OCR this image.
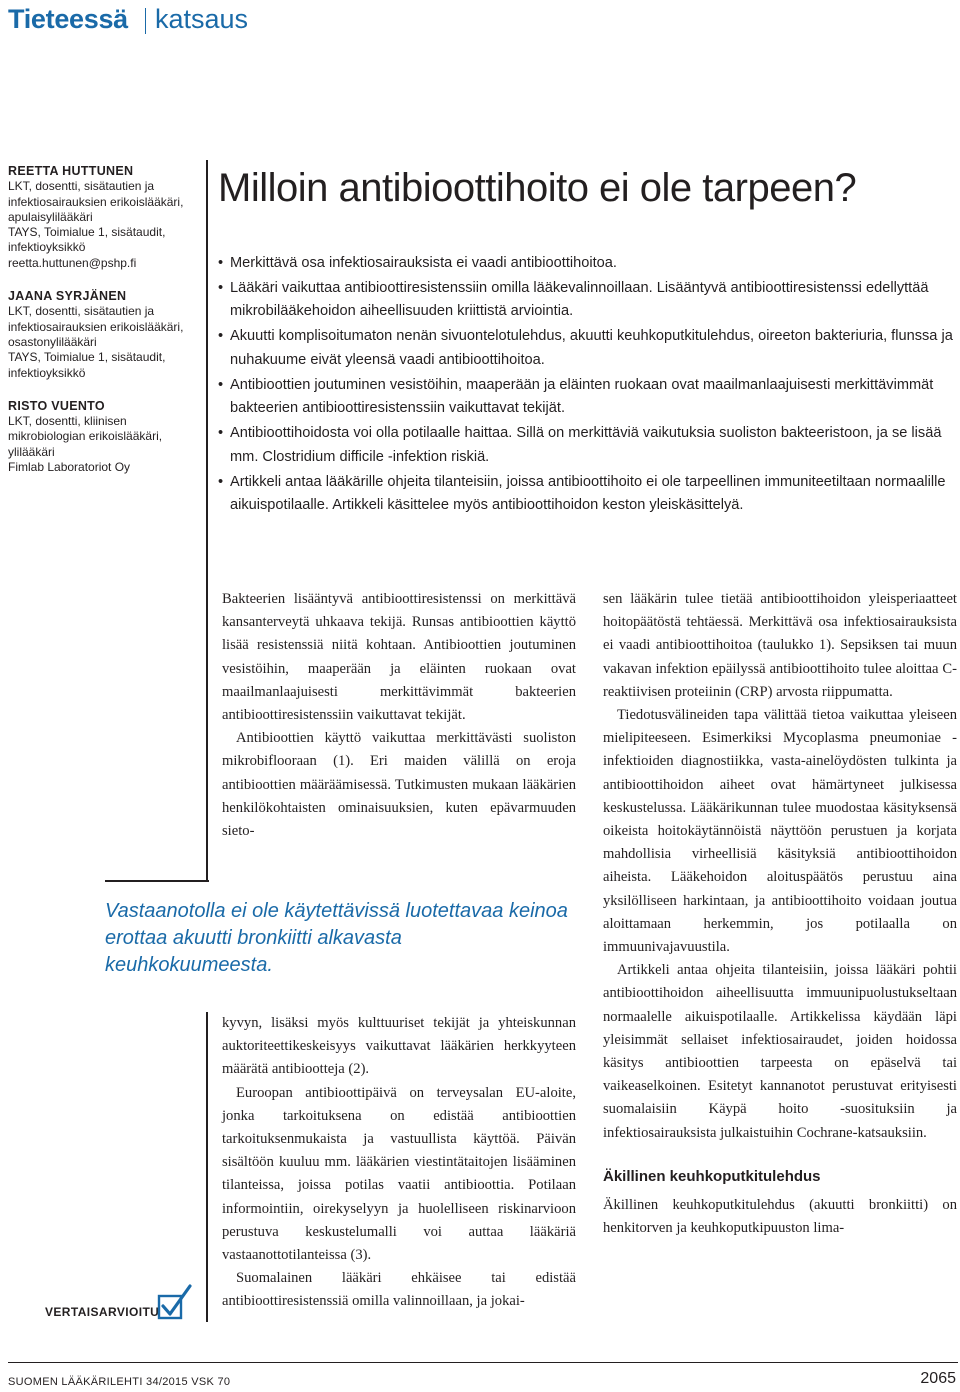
Tieteessä katsaus
REETTA HUTTUNEN
LKT, dosentti, sisätautien ja
infektiosairauksien erikoislääkäri,
apulaisylilääkäri
TAYS, Toimialue 1, sisätaudit,
infektioyksikkö
reetta.huttunen@pshp.fi
JAANA SYRJÄNEN
LKT, dosentti, sisätautien ja
infektiosairauksien erikoislääkäri,
osastonylilääkäri
TAYS, Toimialue 1, sisätaudit,
infektioyksikkö
RISTO VUENTO
LKT, dosentti, kliinisen
mikrobiologian erikoislääkäri,
ylilääkäri
Fimlab Laboratoriot Oy
Milloin antibioottihoito ei ole tarpeen?
• Merkittävä osa infektiosairauksista ei vaadi antibioottihoitoa.
• Lääkäri vaikuttaa antibioottiresistenssiin omilla lääkevalinnoillaan. Lisääntyvä antibioottiresistenssi edellyttää mikrobilääkehoidon aiheellisuuden kriittistä arviointia.
• Akuutti komplisoitumaton nenän sivuontelotulehdus, akuutti keuhkoputkitulehdus, oireeton bakteriuria, flunssa ja nuhakuume eivät yleensä vaadi antibioottihoitoa.
• Antibioottien joutuminen vesistöihin, maaperään ja eläinten ruokaan ovat maailmanlaajuisesti merkittävimmät bakteerien antibioottiresistenssiin vaikuttavat tekijät.
• Antibioottihoidosta voi olla potilaalle haittaa. Sillä on merkittäviä vaikutuksia suoliston bakteeristoon, ja se lisää mm. Clostridium difficile -infektion riskiä.
• Artikkeli antaa lääkärille ohjeita tilanteisiin, joissa antibioottihoito ei ole tarpeellinen immuniteetiltaan normaalille aikuispotilaalle. Artikkeli käsittelee myös antibioottihoidon keston yleiskäsittelyä.

Bakteerien lisääntyvä antibioottiresistenssi on merkittävä kansanterveytä uhkaava tekijä. Runsas antibioottien käyttö lisää resistenssiä niitä kohtaan. Antibioottien joutuminen vesistöihin, maaperään ja eläinten ruokaan ovat maailmanlaajuisesti merkittävimmät bakteerien antibioottiresistenssiin vaikuttavat tekijät.

Antibioottien käyttö vaikuttaa merkittävästi suoliston mikrobiflooraan (1). Eri maiden välillä on eroja antibioottien määräämisessä. Tutkimusten mukaan lääkärien henkilökohtaisten ominaisuuksien, kuten epävarmuuden sieto-

Vastaanotolla ei ole käytettävissä luotettavaa keinoa erottaa akuutti bronkiitti alkavasta keuhkokuumeesta.

kyvyn, lisäksi myös kulttuuriset tekijät ja yhteiskunnan auktoriteettikeskeisyys vaikuttavat lääkärien herkkyyteen määrätä antibiootteja (2).

Euroopan antibioottipäivä on terveysalan EU-aloite, jonka tarkoituksena on edistää antibioottien tarkoituksenmukaista ja vastuullista käyttöä. Päivän sisältöön kuuluu mm. lääkärien viestintätaitojen lisääminen tilanteissa, joissa potilas vaatii antibioottia. Potilaan informointiin, oirekyselyyn ja huolelliseen riskinarvioon perustuva keskustelumalli voi auttaa lääkäriä vastaanottotilanteissa (3).

Suomalainen lääkäri ehkäisee tai edistää antibioottiresistenssiä omilla valinnoillaan, ja jokai-

sen lääkärin tulee tietää antibioottihoidon yleisperiaatteet hoitopäätöstä tehtäessä. Merkittävä osa infektiosairauksista ei vaadi antibioottihoitoa (taulukko 1). Sepsiksen tai muun vakavan infektion epäilyssä antibioottihoito tulee aloittaa C-reaktiivisen proteiinin (CRP) arvosta riippumatta.

Tiedotusvälineiden tapa välittää tietoa vaikuttaa yleiseen mielipiteeseen. Esimerkiksi Mycoplasma pneumoniae -infektioiden diagnostiikka, vasta-ainelöydösten tulkinta ja antibioottihoidon aiheet ovat hämärtyneet julkisessa keskustelussa. Lääkärikunnan tulee muodostaa käsityksensä oikeista hoitokäytännöistä näyttöön perustuen ja korjata mahdollisia virheellisiä käsityksiä antibioottihoidon aiheista. Lääkehoidon aloituspäätös perustuu aina yksilölliseen harkintaan, ja antibioottihoito voidaan joutua aloittamaan herkemmin, jos potilaalla on immuunivajavuustila.

Artikkeli antaa ohjeita tilanteisiin, joissa lääkäri pohtii antibioottihoidon aiheellisuutta immuunipuolustukseltaan normaalelle aikuispotilaalle. Artikkelissa käydään läpi yleisimmät sellaiset infektiosairaudet, joiden hoidossa käsitys antibioottien tarpeesta on epäselvä tai vaikeaselkoinen. Esitetyt kannanotot perustuvat erityisesti suomalaisiin Käypä hoito -suosituksiin ja infektiosairauksista julkaistuihin Cochrane-katsauksiin.

Äkillinen keuhkoputkitulehdus

Äkillinen keuhkoputkitulehdus (akuutti bronkiitti) on henkitorven ja keuhkoputkipuuston lima-

VERTAISARVIOITU
SUOMEN LÄÄKÄRILEHTI 34/2015 VSK 70	2065
